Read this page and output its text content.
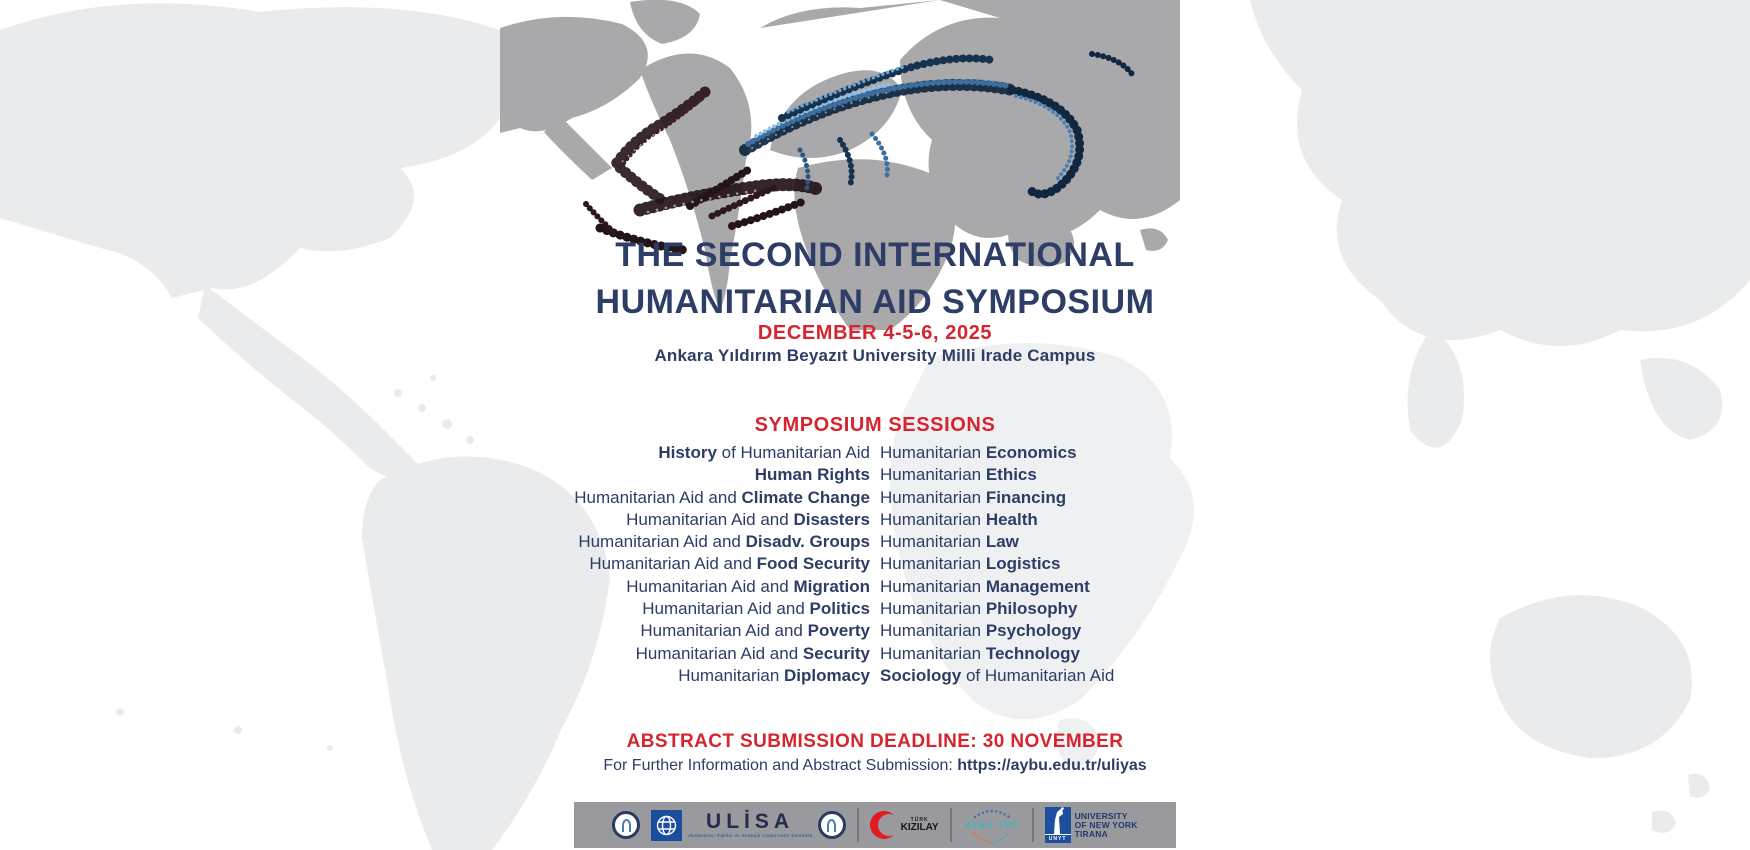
THE SECOND INTERNATIONAL
HUMANITARIAN AID SYMPOSIUM
DECEMBER 4-5-6, 2025
Ankara Yıldırım Beyazıt University Milli Irade Campus
SYMPOSIUM SESSIONS
History of Humanitarian Aid
Human Rights
Humanitarian Aid and Climate Change
Humanitarian Aid and Disasters
Humanitarian Aid and Disadv. Groups
Humanitarian Aid and Food Security
Humanitarian Aid and Migration
Humanitarian Aid and Politics
Humanitarian Aid and Poverty
Humanitarian Aid and Security
Humanitarian Diplomacy
Humanitarian Economics
Humanitarian Ethics
Humanitarian Financing
Humanitarian Health
Humanitarian Law
Humanitarian Logistics
Humanitarian Management
Humanitarian Philosophy
Humanitarian Psychology
Humanitarian Technology
Sociology of Humanitarian Aid
ABSTRACT SUBMISSION DEADLINE: 30 NOVEMBER
For Further Information and Abstract Submission: https://aybu.edu.tr/uliyas
ULİSA
Uluslararası İlişkiler ve Stratejik Araştırmalar Enstitüsü
TÜRK
KIZILAY	AYBU TTO
UNYT
UNIVERSITY
OF NEW YORK
TIRANA
